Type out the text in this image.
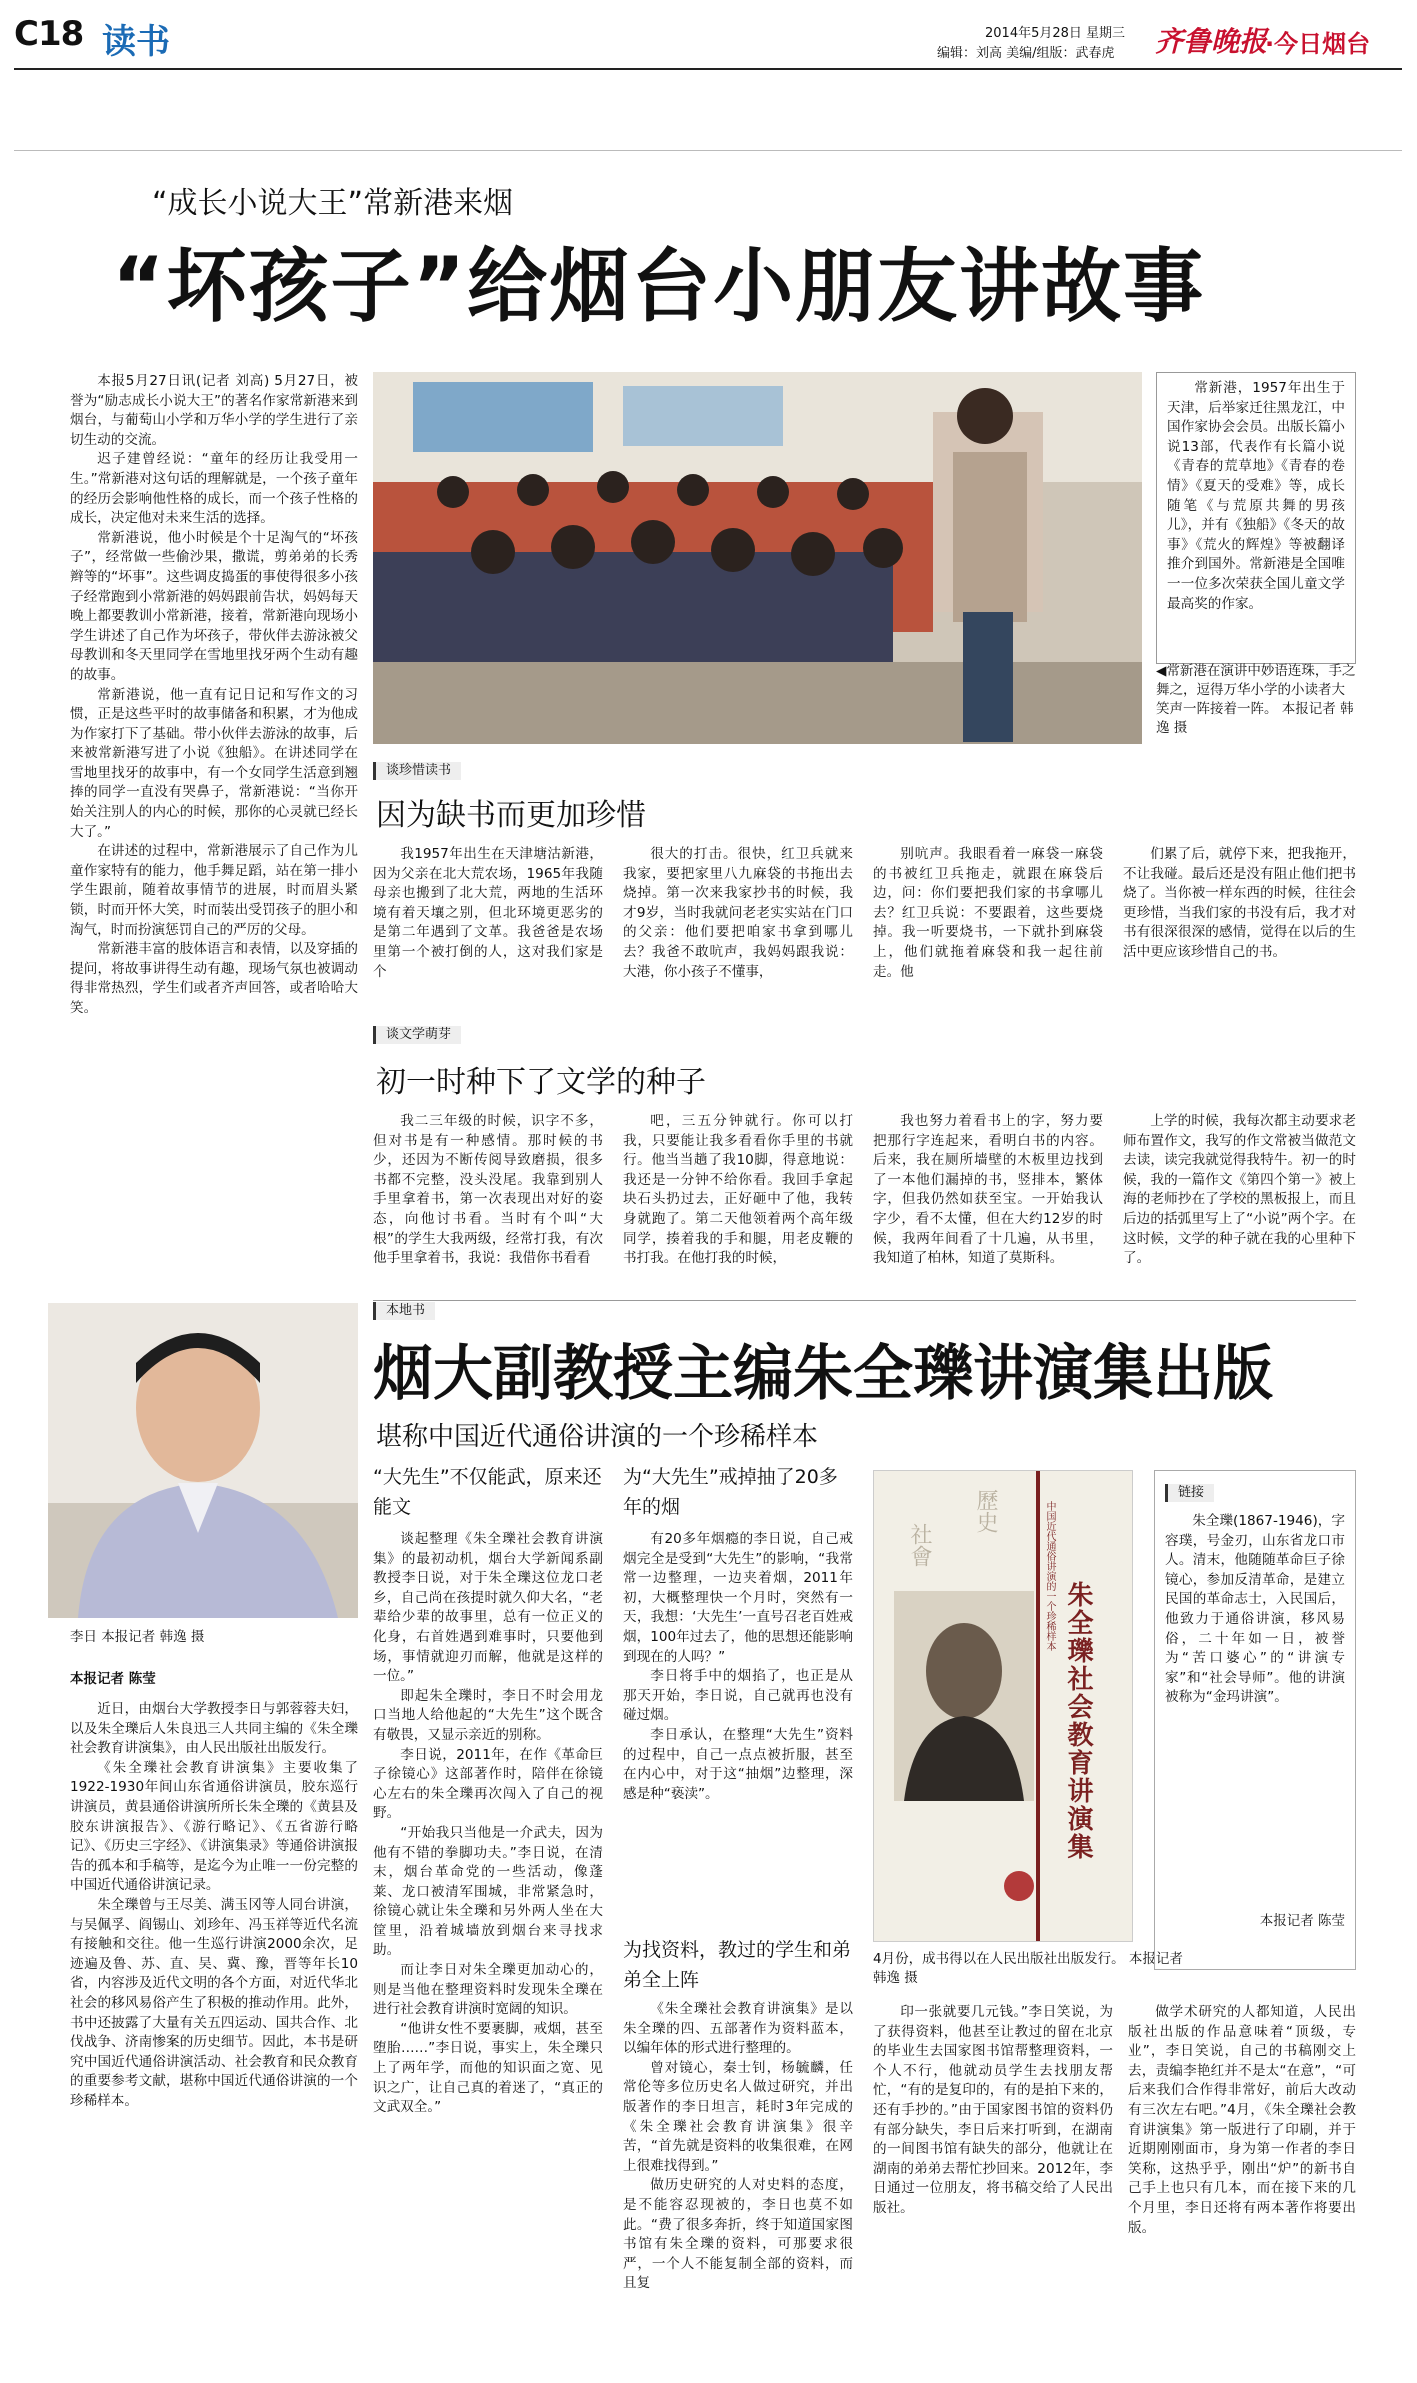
C18 读书	2014年5月28日 星期三
编辑：刘高 美编/组版：武春虎 齐鲁晚报
·今日烟台
“成长小说大王”常新港来烟
“坏孩子”给烟台小朋友讲故事

本报5月27日讯(记者 刘高) 5月27日，被誉为“励志成长小说大王”的著名作家常新港来到烟台，与葡萄山小学和万华小学的学生进行了亲切生动的交流。

迟子建曾经说：“童年的经历让我受用一生。”常新港对这句话的理解就是，一个孩子童年的经历会影响他性格的成长，而一个孩子性格的成长，决定他对未来生活的选择。

常新港说，他小时候是个十足淘气的“坏孩子”，经常做一些偷沙果，撒谎，剪弟弟的长秀辫等的“坏事”。这些调皮捣蛋的事使得很多小孩子经常跑到小常新港的妈妈跟前告状，妈妈每天晚上都要教训小常新港，接着，常新港向现场小学生讲述了自己作为坏孩子，带伙伴去游泳被父母教训和冬天里同学在雪地里找牙两个生动有趣的故事。

常新港说，他一直有记日记和写作文的习惯，正是这些平时的故事储备和积累，才为他成为作家打下了基础。带小伙伴去游泳的故事，后来被常新港写进了小说《独船》。在讲述同学在雪地里找牙的故事中，有一个女同学生活意到翘捧的同学一直没有哭鼻子，常新港说：“当你开始关注别人的内心的时候，那你的心灵就已经长大了。”

在讲述的过程中，常新港展示了自己作为儿童作家特有的能力，他手舞足蹈，站在第一排小学生跟前，随着故事情节的进展，时而眉头紧锁，时而开怀大笑，时而装出受罚孩子的胆小和淘气，时而扮演惩罚自己的严厉的父母。

常新港丰富的肢体语言和表情，以及穿插的提问，将故事讲得生动有趣，现场气氛也被调动得非常热烈，学生们或者齐声回答，或者哈哈大笑。

常新港，1957年出生于天津，后举家迁往黑龙江，中国作家协会会员。出版长篇小说13部，代表作有长篇小说《青春的荒草地》《青春的卷情》《夏天的受难》等，成长随笔《与荒原共舞的男孩儿》，并有《独船》《冬天的故事》《荒火的辉煌》等被翻译推介到国外。常新港是全国唯一一位多次荣获全国儿童文学最高奖的作家。
◀常新港在演讲中妙语连珠，手之舞之，逗得万华小学的小读者大笑声一阵接着一阵。 本报记者 韩逸 摄
谈珍惜读书
因为缺书而更加珍惜
我1957年出生在天津塘沽新港，因为父亲在北大荒农场，1965年我随母亲也搬到了北大荒，两地的生活环境有着天壤之别，但北环境更恶劣的是第二年遇到了文革。我爸爸是农场里第一个被打倒的人，这对我们家是个
很大的打击。很快，红卫兵就来我家，要把家里八九麻袋的书拖出去烧掉。第一次来我家抄书的时候，我才9岁，当时我就问老老实实站在门口的父亲：他们要把咱家书拿到哪儿去？我爸不敢吭声，我妈妈跟我说：大港，你小孩子不懂事，
别吭声。我眼看着一麻袋一麻袋的书被红卫兵拖走，就跟在麻袋后边，问：你们要把我们家的书拿哪儿去？红卫兵说：不要跟着，这些要烧掉。我一听要烧书，一下就扑到麻袋上，他们就拖着麻袋和我一起往前走。他
们累了后，就停下来，把我拖开，不让我碰。最后还是没有阻止他们把书烧了。当你被一样东西的时候，往往会更珍惜，当我们家的书没有后，我才对书有很深很深的感情，觉得在以后的生活中更应该珍惜自己的书。
谈文学萌芽
初一时种下了文学的种子
我二三年级的时候，识字不多，但对书是有一种感情。那时候的书少，还因为不断传阅导致磨损，很多书都不完整，没头没尾。我靠到别人手里拿着书，第一次表现出对好的姿态，向他讨书看。当时有个叫“大根”的学生大我两级，经常打我，有次他手里拿着书，我说：我借你书看看
吧，三五分钟就行。你可以打我，只要能让我多看看你手里的书就行。他当当趟了我10脚，得意地说：我还是一分钟不给你看。我回手拿起块石头扔过去，正好砸中了他，我转身就跑了。第二天他领着两个高年级同学，揍着我的手和腿，用老皮鞭的书打我。在他打我的时候，
我也努力着看书上的字，努力要把那行字连起来，看明白书的内容。后来，我在厕所墙壁的木板里边找到了一本他们漏掉的书，竖排本，繁体字，但我仍然如获至宝。一开始我认字少，看不太懂，但在大约12岁的时候，我两年间看了十几遍，从书里，我知道了柏林，知道了莫斯科。
上学的时候，我每次都主动要求老师布置作文，我写的作文常被当做范文去读，读完我就觉得我特牛。初一的时候，我的一篇作文《第四个第一》被上海的老师抄在了学校的黑板报上，而且后边的括弧里写上了“小说”两个字。在这时候，文学的种子就在我的心里种下了。
本地书
李日 本报记者 韩逸 摄
烟大副教授主编朱全瓅讲演集出版
堪称中国近代通俗讲演的一个珍稀样本
本报记者 陈莹

近日，由烟台大学教授李日与郭蓉蓉夫妇，以及朱全瓅后人朱良迅三人共同主编的《朱全瓅社会教育讲演集》，由人民出版社出版发行。

《朱全瓅社会教育讲演集》主要收集了1922-1930年间山东省通俗讲演员，胶东巡行讲演员，黄县通俗讲演所所长朱全瓅的《黄县及胶东讲演报告》、《游行略记》、《五省游行略记》、《历史三字经》、《讲演集录》等通俗讲演报告的孤本和手稿等，是迄今为止唯一一份完整的中国近代通俗讲演记录。

朱全瓅曾与王尽美、满玉冈等人同台讲演，与吴佩孚、阎锡山、刘珍年、冯玉祥等近代名流有接触和交往。他一生巡行讲演2000余次，足迹遍及鲁、苏、直、吴、冀、豫，晋等年长10省，内容涉及近代文明的各个方面，对近代华北社会的移风易俗产生了积极的推动作用。此外，书中还披露了大量有关五四运动、国共合作、北伐战争、济南惨案的历史细节。因此，本书是研究中国近代通俗讲演活动、社会教育和民众教育的重要参考文献，堪称中国近代通俗讲演的一个珍稀样本。

“大先生”不仅能武，原来还能文

谈起整理《朱全瓅社会教育讲演集》的最初动机，烟台大学新闻系副教授李日说，对于朱全瓅这位龙口老乡，自己尚在孩提时就久仰大名，“老辈给少辈的故事里，总有一位正义的化身，右首姓遇到难事时，只要他到场，事情就迎刃而解，他就是这样的一位。”

即起朱全瓅时，李日不时会用龙口当地人给他起的“大先生”这个既含有敬畏，又显示亲近的别称。

李日说，2011年，在作《革命巨子徐镜心》这部著作时，陪伴在徐镜心左右的朱全瓅再次闯入了自己的视野。

“开始我只当他是一介武夫，因为他有不错的拳脚功夫。”李日说，在清末，烟台革命党的一些活动，像蓬莱、龙口被清军围城，非常紧急时，徐镜心就让朱全瓅和另外两人坐在大筐里，沿着城墙放到烟台来寻找求助。

而让李日对朱全瓅更加动心的，则是当他在整理资料时发现朱全瓅在进行社会教育讲演时宽阔的知识。

“他讲女性不要裹脚，戒烟，甚至堕胎……”李日说，事实上，朱全瓅只上了两年学，而他的知识面之宽、见识之广，让自己真的着迷了，“真正的文武双全。”

为“大先生”戒掉抽了20多年的烟

有20多年烟瘾的李日说，自己戒烟完全是受到“大先生”的影响，“我常常一边整理，一边夹着烟，2011年初，大概整理快一个月时，突然有一天，我想：‘大先生’一直号召老百姓戒烟，100年过去了，他的思想还能影响到现在的人吗？”

李日将手中的烟掐了，也正是从那天开始，李日说，自己就再也没有碰过烟。

李日承认，在整理“大先生”资料的过程中，自己一点点被折服，甚至在内心中，对于这“抽烟”边整理，深感是种“亵渎”。

为找资料，教过的学生和弟弟全上阵

《朱全瓅社会教育讲演集》是以朱全瓅的四、五部著作为资料蓝本，以编年体的形式进行整理的。

曾对镜心，秦士钊，杨毓麟，任常伦等多位历史名人做过研究，并出版著作的李日坦言，耗时3年完成的《朱全瓅社会教育讲演集》很辛苦，“首先就是资料的收集很难，在网上很难找得到。”

做历史研究的人对史料的态度，是不能容忍现被的，李日也莫不如此。“费了很多奔折，终于知道国家图书馆有朱全瓅的资料，可那要求很严，一个人不能复制全部的资料，而且复

歷史
社會	中国近代通俗讲演的一个珍稀样本
朱全瓅社会教育讲演集
4月份，成书得以在人民出版社出版发行。 本报记者 韩逸 摄
链接
朱全瓅(1867-1946)，字容璞，号金刃，山东省龙口市人。清末，他随随革命巨子徐镜心，参加反清革命，是建立民国的革命志士，入民国后，他致力于通俗讲演，移风易俗，二十年如一日，被誉为“苦口婆心”的“讲演专家”和“社会导师”。他的讲演被称为“金玛讲演”。
本报记者 陈莹
印一张就要几元钱。”李日笑说，为了获得资料，他甚至让教过的留在北京的毕业生去国家图书馆帮整理资料，一个人不行，他就动员学生去找朋友帮忙，“有的是复印的，有的是拍下来的，还有手抄的。”由于国家图书馆的资料仍有部分缺失，李日后来打听到，在湖南的一间图书馆有缺失的部分，他就让在湖南的弟弟去帮忙抄回来。2012年，李日通过一位朋友，将书稿交给了人民出版社。
做学术研究的人都知道，人民出版社出版的作品意味着“顶级，专业”，李日笑说，自己的书稿刚交上去，责编李艳红并不是太“在意”，“可后来我们合作得非常好，前后大改动有三次左右吧。”4月，《朱全瓅社会教育讲演集》第一版进行了印刷，并于近期刚刚面市，身为第一作者的李日笑称，这热乎乎，刚出“炉”的新书自己手上也只有几本，而在接下来的几个月里，李日还将有两本著作将要出版。
